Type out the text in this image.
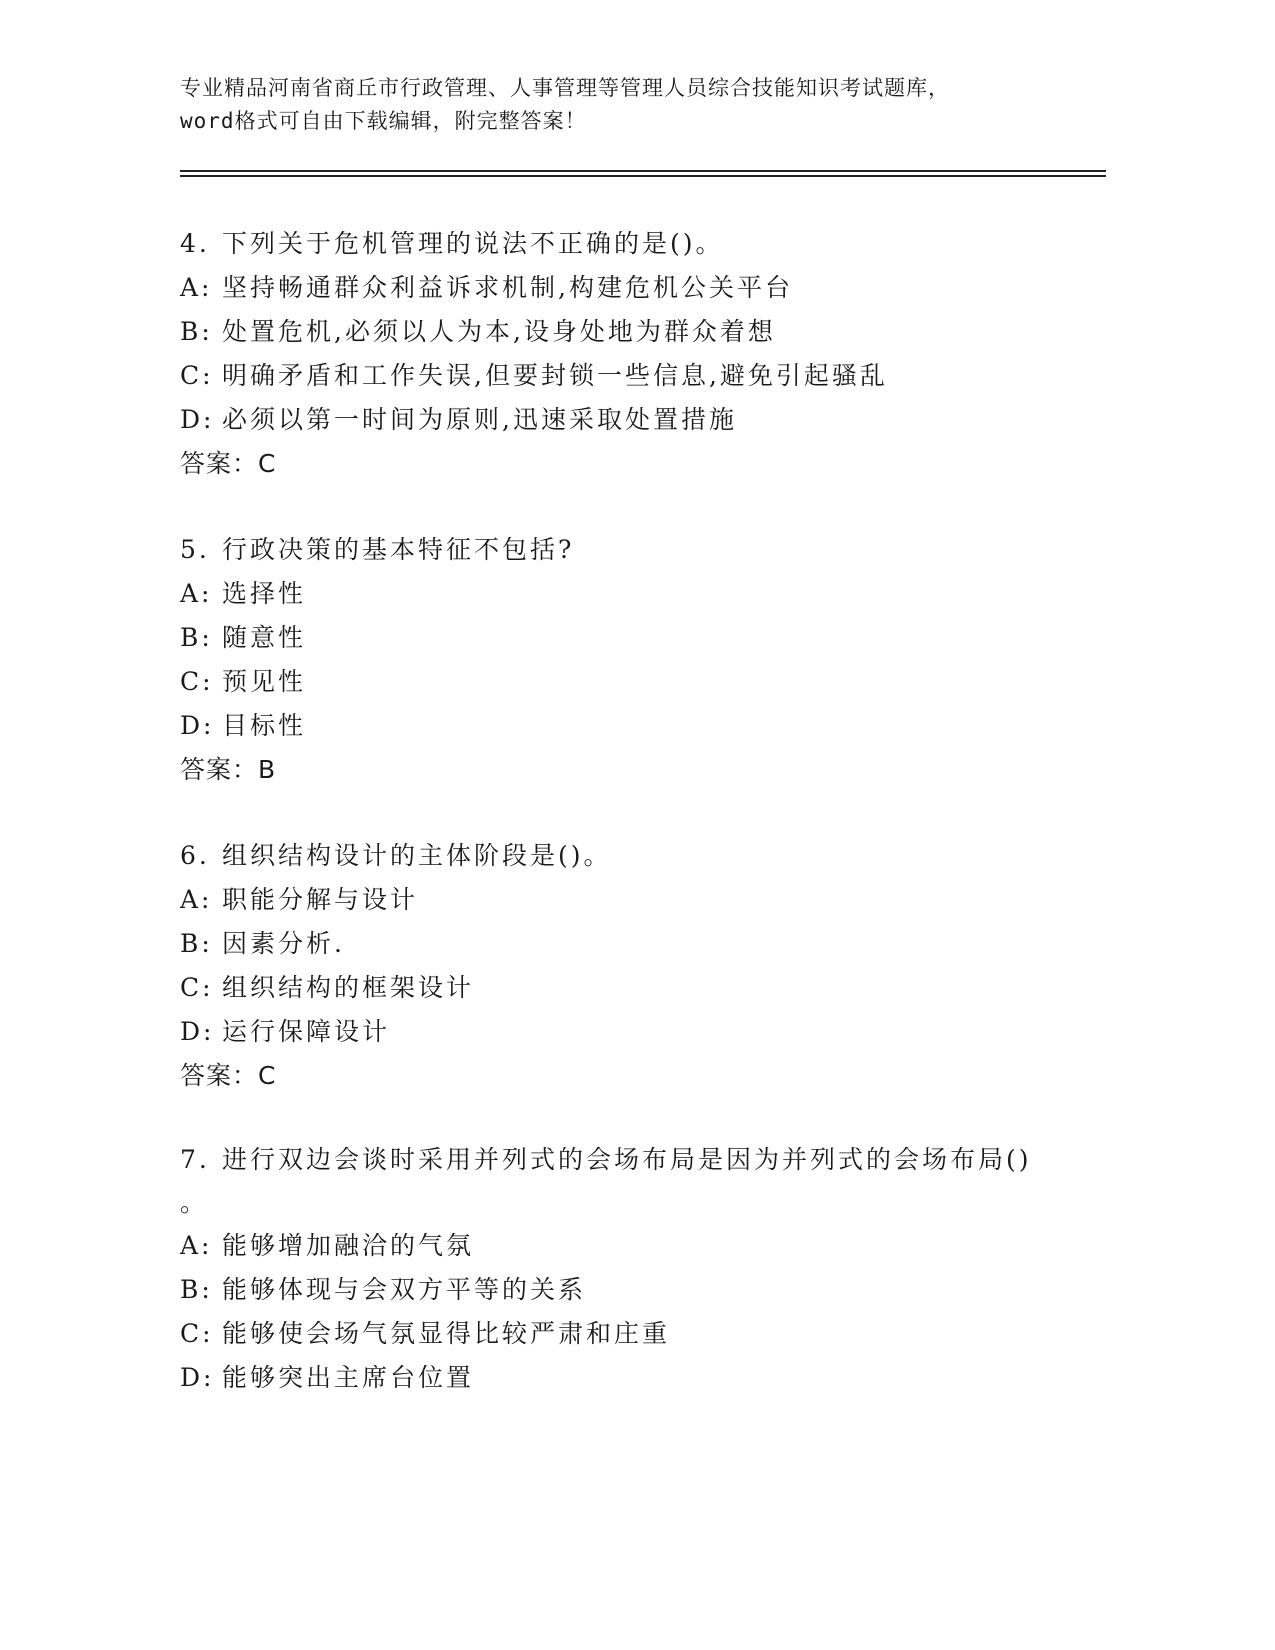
专业精品河南省商丘市行政管理、人事管理等管理人员综合技能知识考试题库，
word格式可自由下载编辑，附完整答案！
4. 下列关于危机管理的说法不正确的是()。
A: 坚持畅通群众利益诉求机制,构建危机公关平台
B: 处置危机,必须以人为本,设身处地为群众着想
C: 明确矛盾和工作失误,但要封锁一些信息,避免引起骚乱
D: 必须以第一时间为原则,迅速采取处置措施
答案：C
5. 行政决策的基本特征不包括?
A: 选择性
B: 随意性
C: 预见性
D: 目标性
答案：B
6. 组织结构设计的主体阶段是()。
A: 职能分解与设计
B: 因素分析.
C: 组织结构的框架设计
D: 运行保障设计
答案：C
7. 进行双边会谈时采用并列式的会场布局是因为并列式的会场布局()
。
A: 能够增加融洽的气氛
B: 能够体现与会双方平等的关系
C: 能够使会场气氛显得比较严肃和庄重
D: 能够突出主席台位置
